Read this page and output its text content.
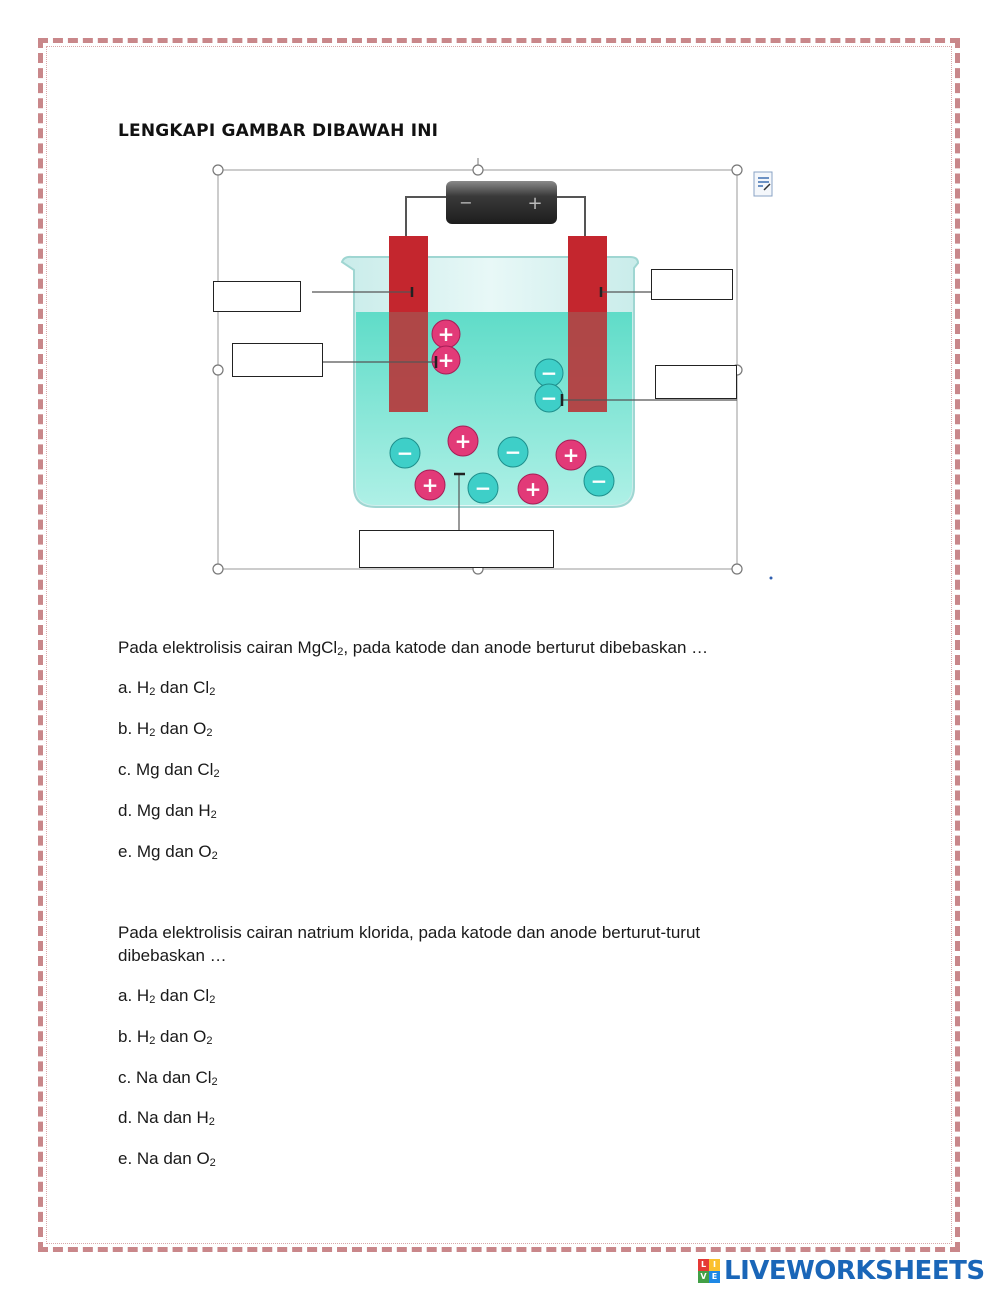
LENGKAPI GAMBAR DIBAWAH INI
−	+
+
+
+
+
+	+
−
−
−	−
−
−
Pada elektrolisis cairan MgCl$_2$, pada katode dan anode berturut dibebaskan …
a. $H_2$ dan $Cl_2$
b. $H_2$ dan $O_2$
c. Mg dan $Cl_2$
d. Mg dan $H_2$
e. Mg dan $O_2$
Pada elektrolisis cairan natrium klorida, pada katode dan anode berturut-turut
dibebaskan …
a. $H_2$ dan $Cl_2$
b. $H_2$ dan $O_2$
c. Na dan $Cl_2$
d. Na dan $H_2$
e. Na dan $O_2$
L I
V E LIVEWORKSHEETS
